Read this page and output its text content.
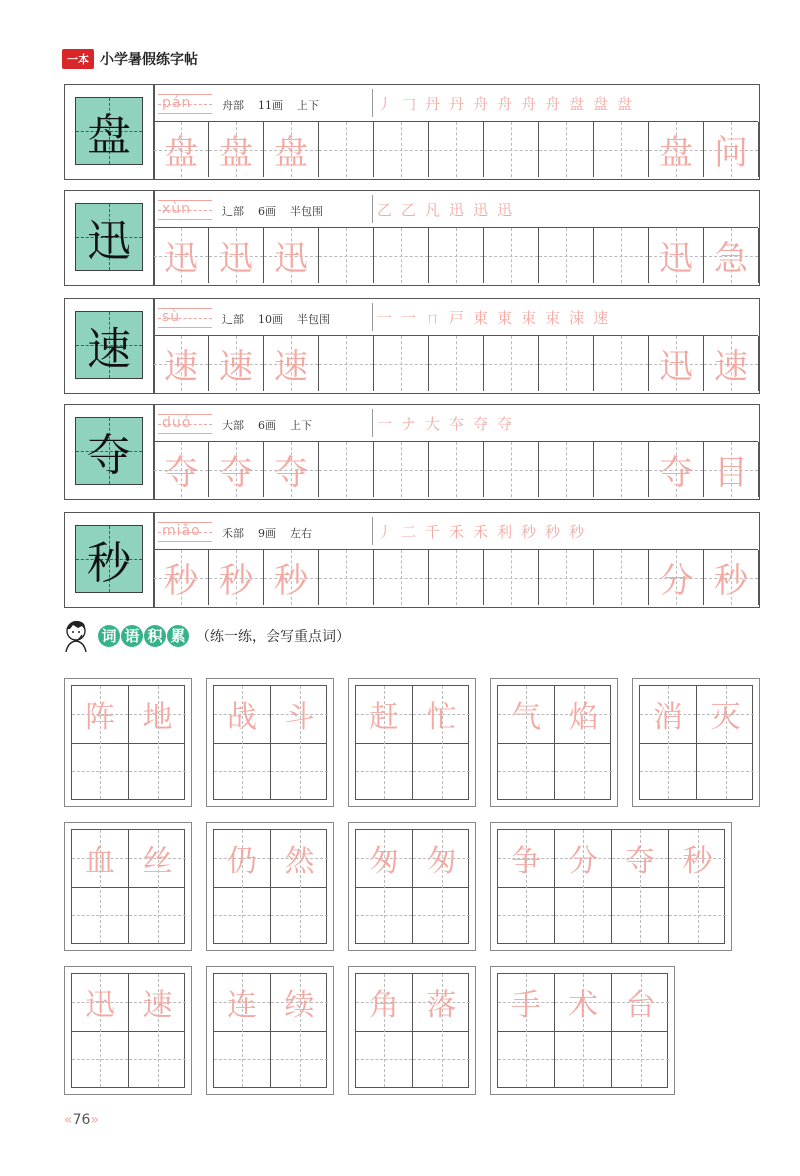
一本 小学暑假练字帖
盘
pán	舟部 11画 上下	丿 𠃌 丹 丹 舟 舟 舟 舟 盘 盘 盘
盘 盘 盘	盘 问
迅
xùn	辶部 6画 半包围	乙 乙 凡 迅 迅 迅
迅 迅 迅	迅 急
速
sù	辶部 10画 半包围	一 一 ㄇ 戸 東 東 束 束 涑 速
速 速 速	迅 速
夺
duó	大部 6画 上下	一 ナ 大 夲 夺 夺
夺 夺 夺	夺 目
秒
miǎo 禾部 9画 左右	丿 二 千 禾 禾 利 秒 秒 秒
秒 秒 秒	分 秒
词 语 积 累 （练一练，会写重点词）
阵 地	战 斗	赶 忙	气 焰	消 灭
血 丝	仍 然	匆 匆	争 分 夺 秒
迅 速	连 续	角 落	手 术 台
«76»
